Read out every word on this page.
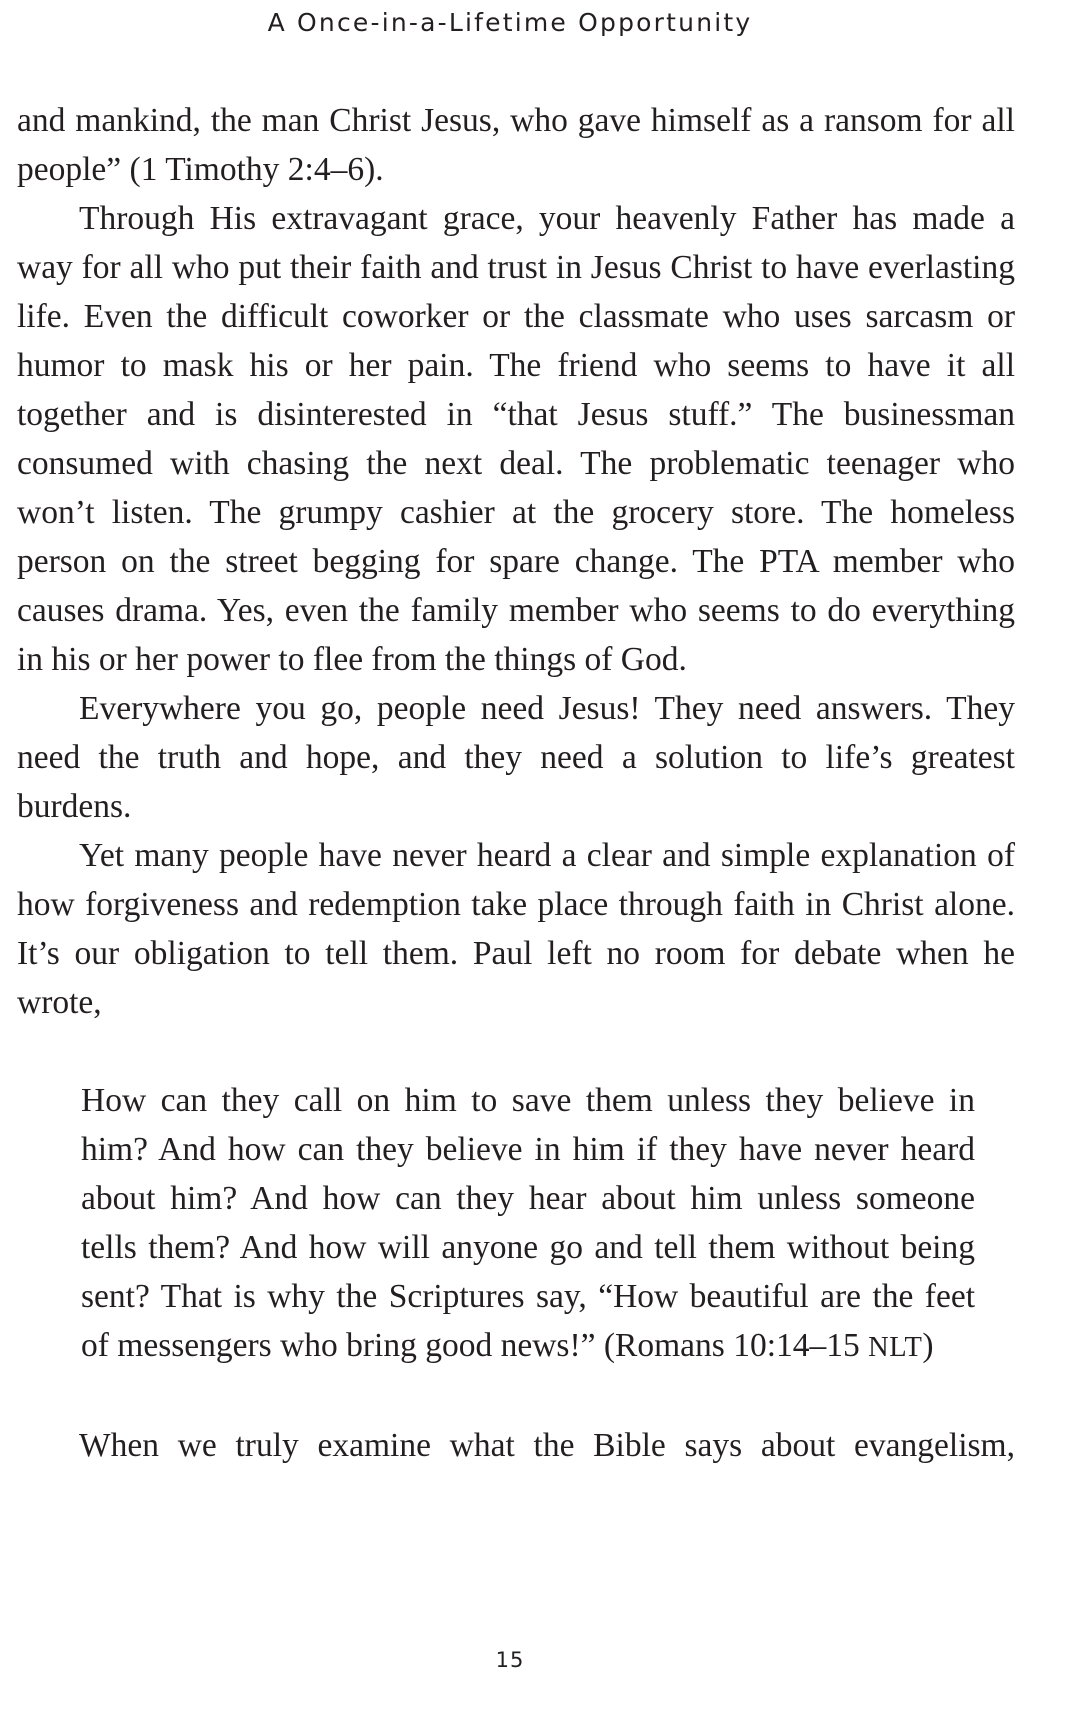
A Once-in-a-Lifetime Opportunity

and mankind, the man Christ Jesus, who gave himself as a ransom for all people” (1 Timothy 2:4–6).

Through His extravagant grace, your heavenly Father has made a way for all who put their faith and trust in Jesus Christ to have everlasting life. Even the difficult coworker or the classmate who uses sarcasm or humor to mask his or her pain. The friend who seems to have it all together and is disinterested in “that Jesus stuff.” The businessman consumed with chasing the next deal. The problematic teenager who won’t listen. The grumpy cashier at the grocery store. The homeless person on the street begging for spare change. The PTA member who causes drama. Yes, even the family member who seems to do everything in his or her power to flee from the things of God.

Everywhere you go, people need Jesus! They need answers. They need the truth and hope, and they need a solution to life’s greatest burdens.

Yet many people have never heard a clear and simple explanation of how forgiveness and redemption take place through faith in Christ alone. It’s our obligation to tell them. Paul left no room for debate when he wrote,

How can they call on him to save them unless they believe in him? And how can they believe in him if they have never heard about him? And how can they hear about him unless someone tells them? And how will anyone go and tell them without being sent? That is why the Scriptures say, “How beautiful are the feet of messengers who bring good news!” (Romans 10:14–15 NLT)

When we truly examine what the Bible says about evangelism,

15
